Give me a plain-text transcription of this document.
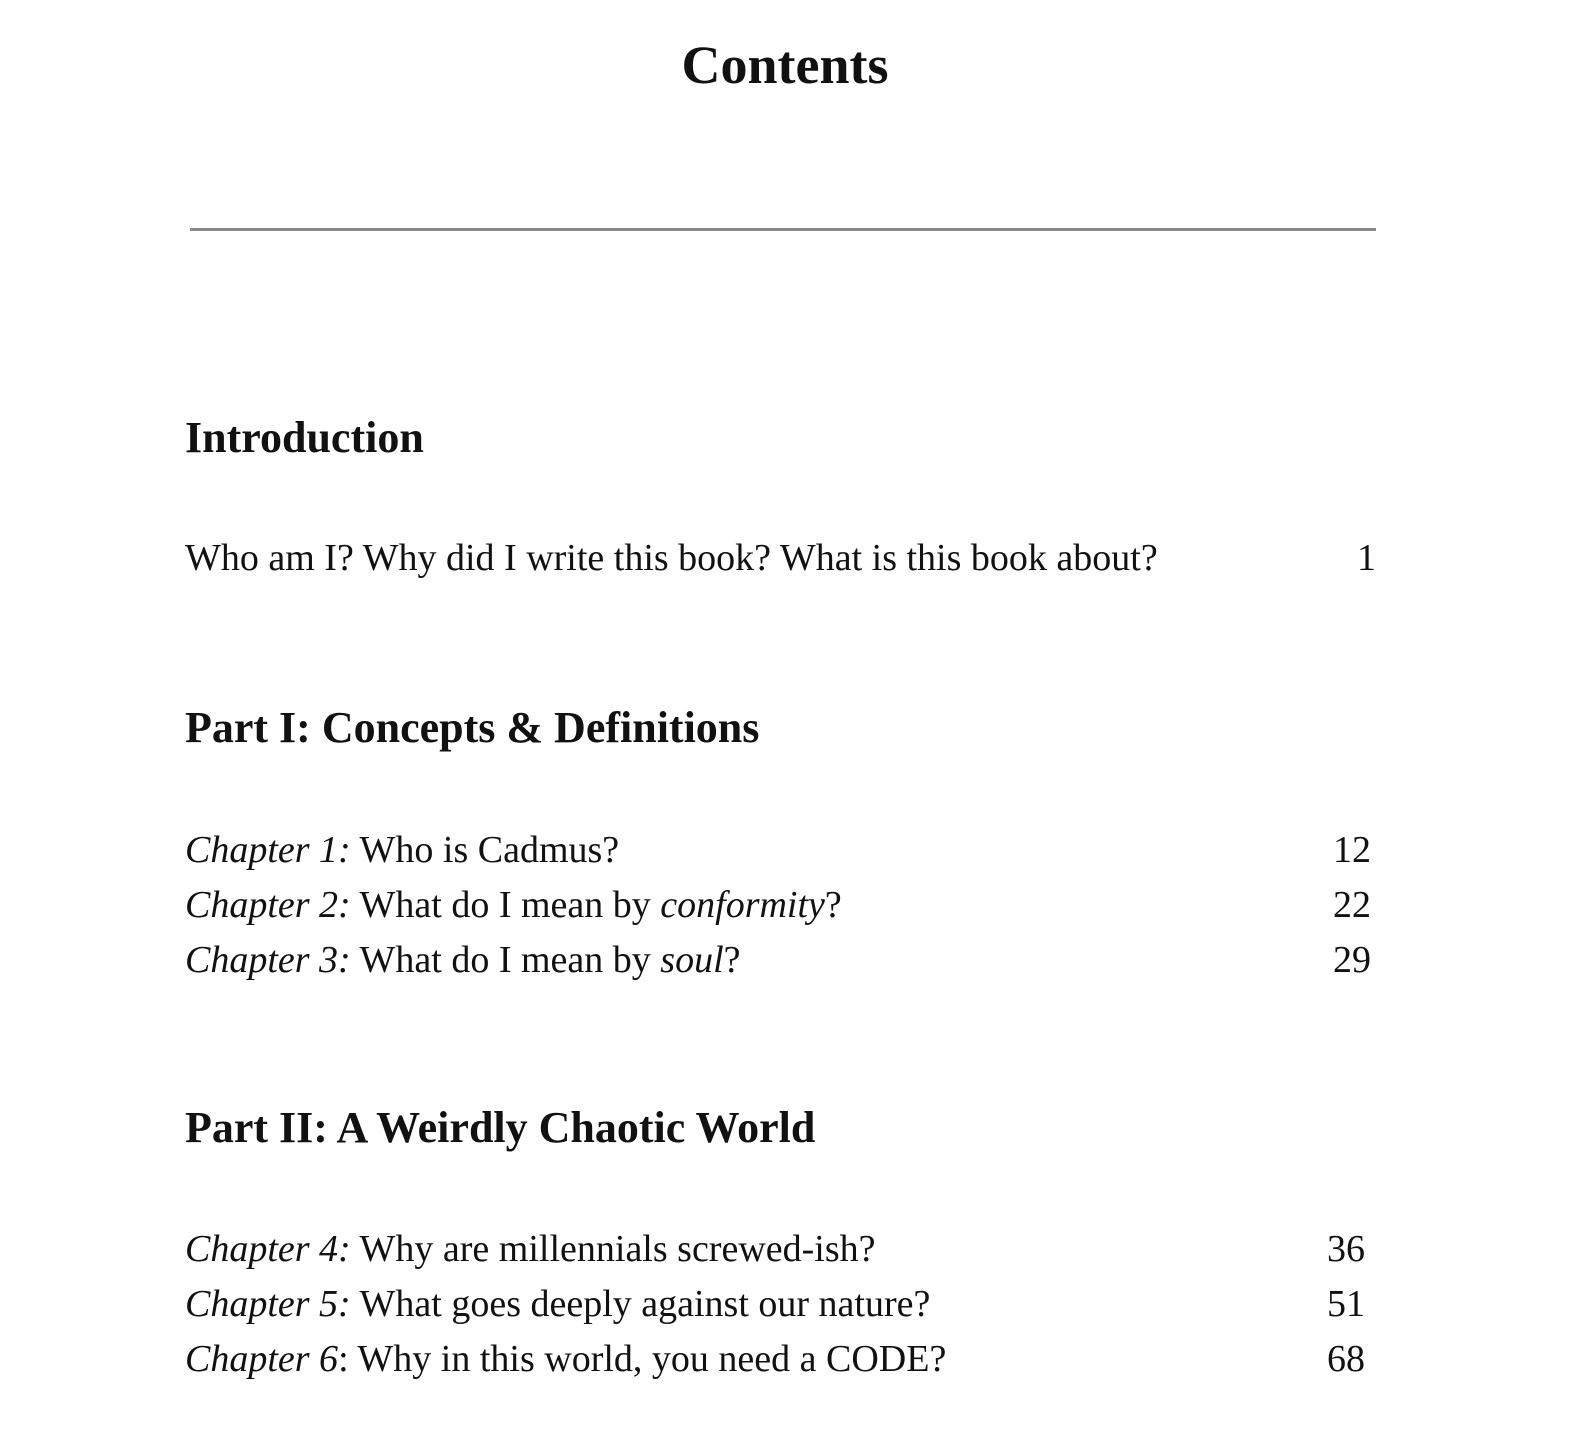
Contents
Introduction
Who am I? Why did I write this book? What is this book about?	1
Part I: Concepts & Definitions
Chapter 1: Who is Cadmus?	12
Chapter 2: What do I mean by conformity?	22
Chapter 3: What do I mean by soul?	29
Part II: A Weirdly Chaotic World
Chapter 4: Why are millennials screwed-ish?	36
Chapter 5: What goes deeply against our nature?	51
Chapter 6: Why in this world, you need a CODE?	68
